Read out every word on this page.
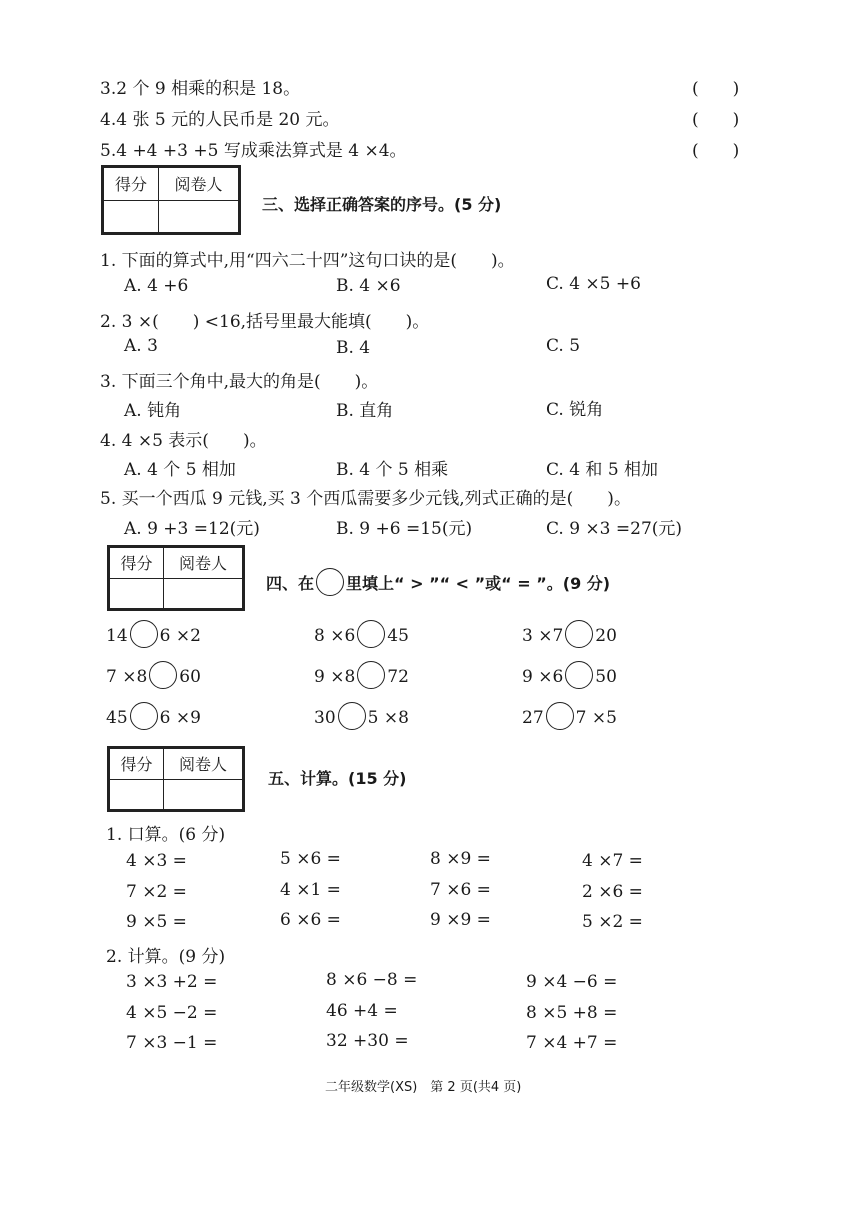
3.2 个 9 相乘的积是 18。	(　　)
4.4 张 5 元的人民币是 20 元。	(　　)
5.4 +4 +3 +5 写成乘法算式是 4 ×4。	(　　)
得分	阅卷人

三、选择正确答案的序号。(5 分)
1. 下面的算式中,用“四六二十四”这句口诀的是(　　)。
A. 4 +6	B. 4 ×6	C. 4 ×5 +6
2. 3 ×(　　) <16,括号里最大能填(　　)。
A. 3	B. 4	C. 5
3. 下面三个角中,最大的角是(　　)。
A. 钝角	B. 直角	C. 锐角
4. 4 ×5 表示(　　)。
A. 4 个 5 相加	B. 4 个 5 相乘	C. 4 和 5 相加
5. 买一个西瓜 9 元钱,买 3 个西瓜需要多少元钱,列式正确的是(　　)。
A. 9 +3 =12(元)	B. 9 +6 =15(元)	C. 9 ×3 =27(元)
得分	阅卷人

四、在 里填上“ > ”“ < ”或“ = ”。(9 分)
14 6 ×2	8 ×6 45	3 ×7 20
7 ×8 60	9 ×8 72	9 ×6 50
45 6 ×9	30 5 ×8	27 7 ×5
得分	阅卷人

五、计算。(15 分)
1. 口算。(6 分)
4 ×3 =	5 ×6 =	8 ×9 =	4 ×7 =
7 ×2 =	4 ×1 =	7 ×6 =	2 ×6 =
9 ×5 =	6 ×6 =	9 ×9 =	5 ×2 =
2. 计算。(9 分)
3 ×3 +2 =	8 ×6 −8 =	9 ×4 −6 =
4 ×5 −2 =	46 +4 =	8 ×5 +8 =
7 ×3 −1 =	32 +30 =	7 ×4 +7 =
二年级数学(XS)　第 2 页(共4 页)
